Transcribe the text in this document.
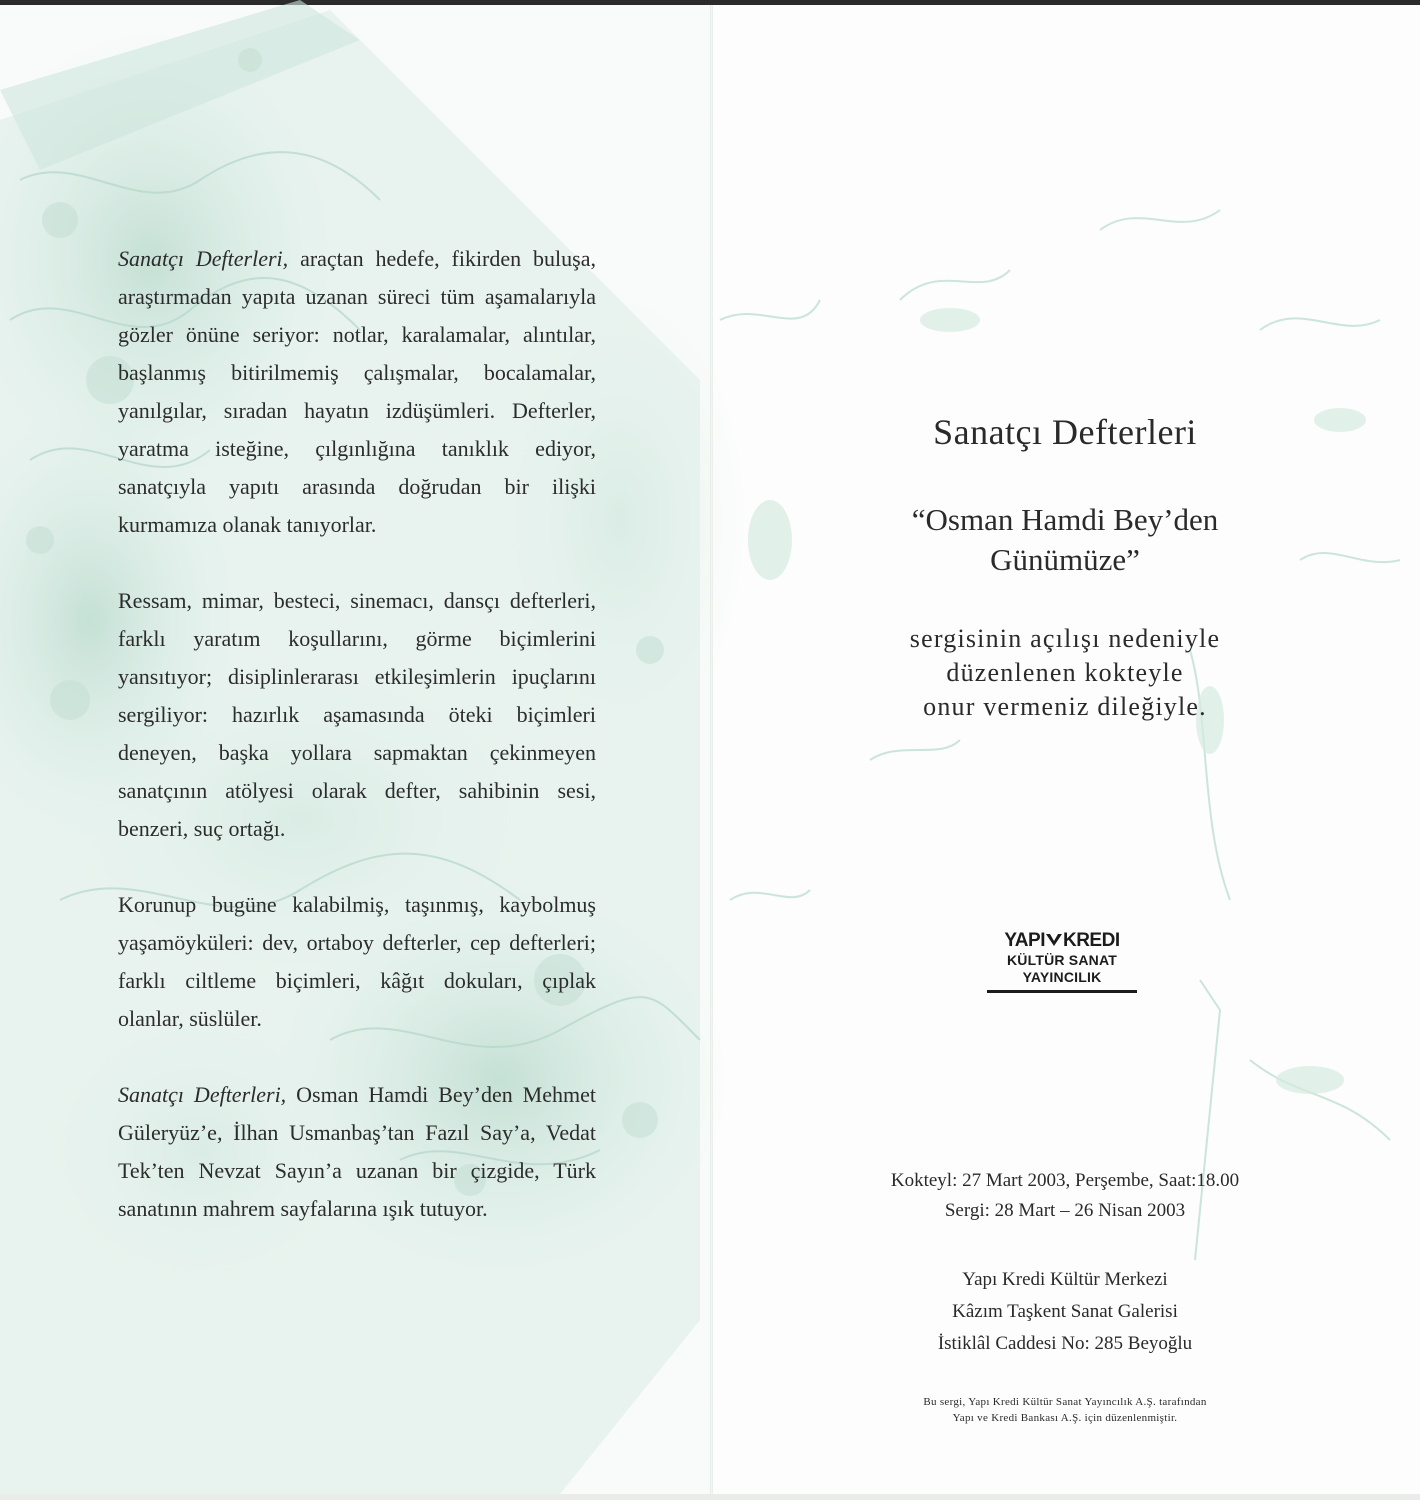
Sanatçı Defterleri, araçtan hedefe, fikirden buluşa, araştırmadan yapıta uzanan süreci tüm aşamalarıyla gözler önüne seriyor: notlar, karalamalar, alıntılar, başlanmış bitirilmemiş çalışmalar, bocalamalar, yanılgılar, sıradan hayatın izdüşümleri. Defterler, yaratma isteğine, çılgınlığına tanıklık ediyor, sanatçıyla yapıtı arasında doğrudan bir ilişki kurmamıza olanak tanıyorlar.

Ressam, mimar, besteci, sinemacı, dansçı defterleri, farklı yaratım koşullarını, görme biçimlerini yansıtıyor; disiplinlerarası etkileşimlerin ipuçlarını sergiliyor: hazırlık aşamasında öteki biçimleri deneyen, başka yollara sapmaktan çekinmeyen sanatçının atölyesi olarak defter, sahibinin sesi, benzeri, suç ortağı.

Korunup bugüne kalabilmiş, taşınmış, kaybolmuş yaşamöyküleri: dev, ortaboy defterler, cep defterleri; farklı ciltleme biçimleri, kâğıt dokuları, çıplak olanlar, süslüler.

Sanatçı Defterleri, Osman Hamdi Bey’den Mehmet Güleryüz’e, İlhan Usmanbaş’tan Fazıl Say’a, Vedat Tek’ten Nevzat Sayın’a uzanan bir çizgide, Türk sanatının mahrem sayfalarına ışık tutuyor.

Sanatçı Defterleri
“Osman Hamdi Bey’den
Günümüze”
sergisinin açılışı nedeniyle
düzenlenen kokteyle
onur vermeniz dileğiyle.
YAPI KREDI
KÜLTÜR SANAT
YAYINCILIK
Kokteyl: 27 Mart 2003, Perşembe, Saat:18.00
Sergi: 28 Mart – 26 Nisan 2003
Yapı Kredi Kültür Merkezi
Kâzım Taşkent Sanat Galerisi
İstiklâl Caddesi No: 285 Beyoğlu
Bu sergi, Yapı Kredi Kültür Sanat Yayıncılık A.Ş. tarafından
Yapı ve Kredi Bankası A.Ş. için düzenlenmiştir.
